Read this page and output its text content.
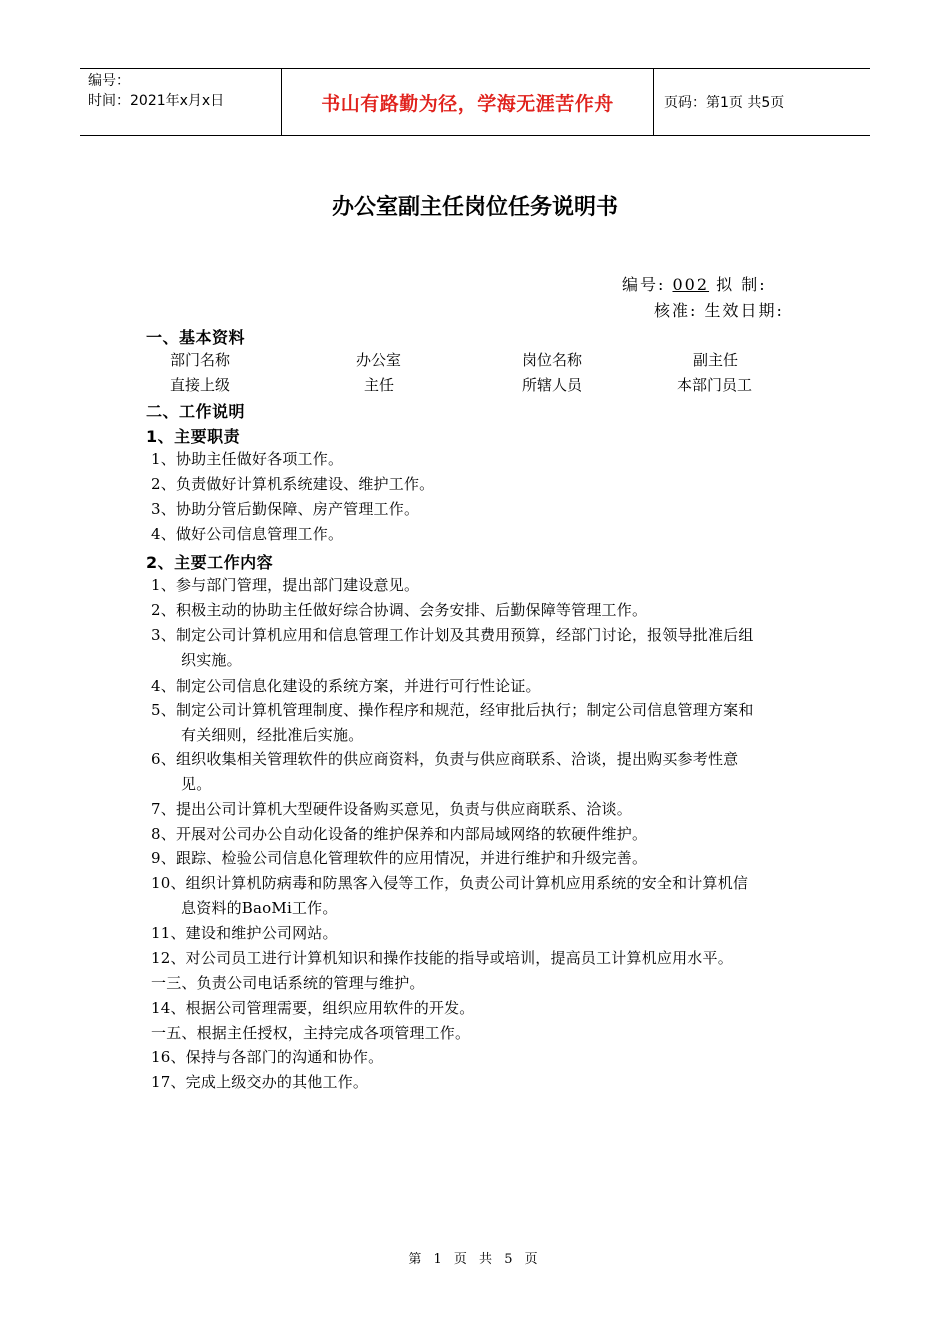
编号：
时间：2021年x月x日	书山有路勤为径，学海无涯苦作舟	页码：第1页 共5页
办公室副主任岗位任务说明书
编号: 002 拟 制:
核准: 生效日期:
一、基本资料
部门名称	办公室	岗位名称	副主任
直接上级	主任	所辖人员	本部门员工
二、工作说明
1、主要职责
1、协助主任做好各项工作。
2、负责做好计算机系统建设、维护工作。
3、协助分管后勤保障、房产管理工作。
4、做好公司信息管理工作。
2、主要工作内容
1、参与部门管理，提出部门建设意见。
2、积极主动的协助主任做好综合协调、会务安排、后勤保障等管理工作。
3、制定公司计算机应用和信息管理工作计划及其费用预算，经部门讨论，报领导批准后组
织实施。
4、制定公司信息化建设的系统方案，并进行可行性论证。
5、制定公司计算机管理制度、操作程序和规范，经审批后执行；制定公司信息管理方案和
有关细则，经批准后实施。
6、组织收集相关管理软件的供应商资料，负责与供应商联系、洽谈，提出购买参考性意
见。
7、提出公司计算机大型硬件设备购买意见，负责与供应商联系、洽谈。
8、开展对公司办公自动化设备的维护保养和内部局域网络的软硬件维护。
9、跟踪、检验公司信息化管理软件的应用情况，并进行维护和升级完善。
10、组织计算机防病毒和防黑客入侵等工作，负责公司计算机应用系统的安全和计算机信
息资料的BaoMi工作。
11、建设和维护公司网站。
12、对公司员工进行计算机知识和操作技能的指导或培训，提高员工计算机应用水平。
一三、负责公司电话系统的管理与维护。
14、根据公司管理需要，组织应用软件的开发。
一五、根据主任授权，主持完成各项管理工作。
16、保持与各部门的沟通和协作。
17、完成上级交办的其他工作。
第 1 页 共 5 页
